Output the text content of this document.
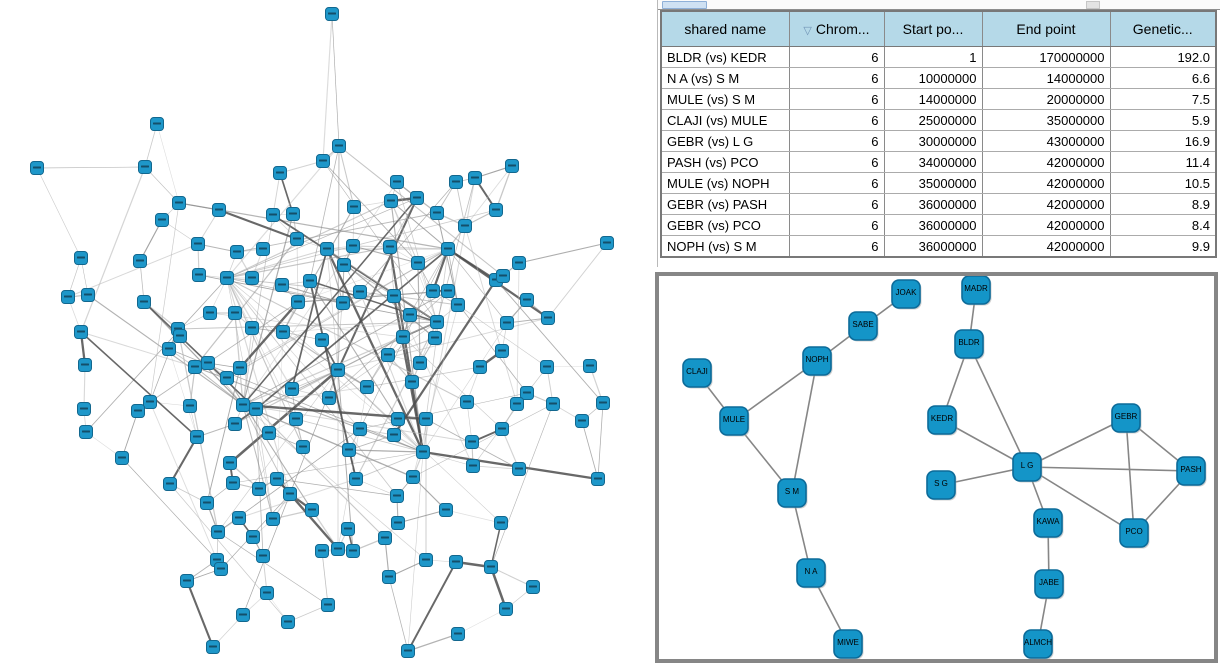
shared name	▽ Chrom...	Start po...	End point	Genetic...
BLDR (vs) KEDR	6	1	170000000	192.0
N A (vs) S M	6	10000000	14000000	6.6
MULE (vs) S M	6	14000000	20000000	7.5
CLAJI (vs) MULE	6	25000000	35000000	5.9
GEBR (vs) L G	6	30000000	43000000	16.9
PASH (vs) PCO	6	34000000	42000000	11.4
MULE (vs) NOPH	6	35000000	42000000	10.5
GEBR (vs) PASH	6	36000000	42000000	8.9
GEBR (vs) PCO	6	36000000	42000000	8.4
NOPH (vs) S M	6	36000000	42000000	9.9
JOAK	MADR
SABE
NOPH
BLDR
CLAJI
MULE	KEDR	GEBR
L G	PASH
S G
KAWA
PCO
S M
N A
JABE
MIWE	ALMCH
